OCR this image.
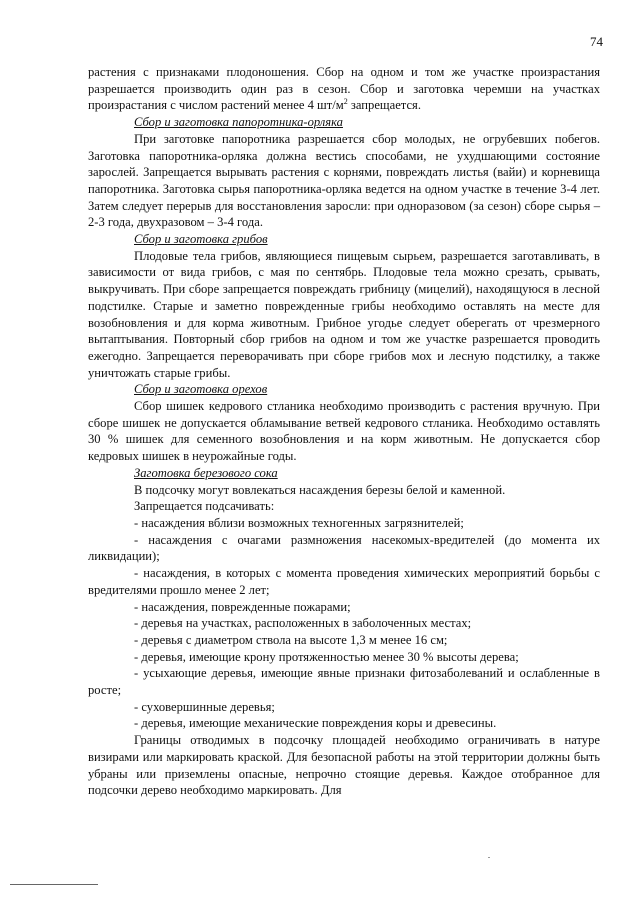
74

растения с признаками плодоношения. Сбор на одном и том же участке произрастания разрешается производить один раз в сезон. Сбор и заготовка черемши на участках произрастания с числом растений менее 4 $шт/м^2$ запрещается.

Сбор и заготовка папоротника-орляка

При заготовке папоротника разрешается сбор молодых, не огрубевших побегов. Заготовка папоротника-орляка должна вестись способами, не ухудшающими состояние зарослей. Запрещается вырывать растения с корнями, повреждать листья (вайи) и корневища папоротника. Заготовка сырья папоротника-орляка ведется на одном участке в течение 3-4 лет. Затем следует перерыв для восстановления заросли: при одноразовом (за сезон) сборе сырья – 2-3 года, двухразовом – 3-4 года.

Сбор и заготовка грибов

Плодовые тела грибов, являющиеся пищевым сырьем, разрешается заготавливать, в зависимости от вида грибов, с мая по сентябрь. Плодовые тела можно срезать, срывать, выкручивать. При сборе запрещается повреждать грибницу (мицелий), находящуюся в лесной подстилке. Старые и заметно поврежденные грибы необходимо оставлять на месте для возобновления и для корма животным. Грибное угодье следует оберегать от чрезмерного вытаптывания. Повторный сбор грибов на одном и том же участке разрешается проводить ежегодно. Запрещается переворачивать при сборе грибов мох и лесную подстилку, а также уничтожать старые грибы.

Сбор и заготовка орехов

Сбор шишек кедрового стланика необходимо производить с растения вручную. При сборе шишек не допускается обламывание ветвей кедрового стланика. Необходимо оставлять 30 % шишек для семенного возобновления и на корм животным. Не допускается сбор кедровых шишек в неурожайные годы.

Заготовка березового сока

В подсочку могут вовлекаться насаждения березы белой и каменной.

Запрещается подсачивать:

- насаждения вблизи возможных техногенных загрязнителей;

- насаждения с очагами размножения насекомых-вредителей (до момента их ликвидации);

- насаждения, в которых с момента проведения химических мероприятий борьбы с вредителями прошло менее 2 лет;

- насаждения, поврежденные пожарами;

- деревья на участках, расположенных в заболоченных местах;

- деревья с диаметром ствола на высоте 1,3 м менее 16 см;

- деревья, имеющие крону протяженностью менее 30 % высоты дерева;

- усыхающие деревья, имеющие явные признаки фитозаболеваний и ослабленные в росте;

- суховершинные деревья;

- деревья, имеющие механические повреждения коры и древесины.

Границы отводимых в подсочку площадей необходимо ограничивать в натуре визирами или маркировать краской. Для безопасной работы на этой территории должны быть убраны или приземлены опасные, непрочно стоящие деревья. Каждое отобранное для подсочки дерево необходимо маркировать. Для
